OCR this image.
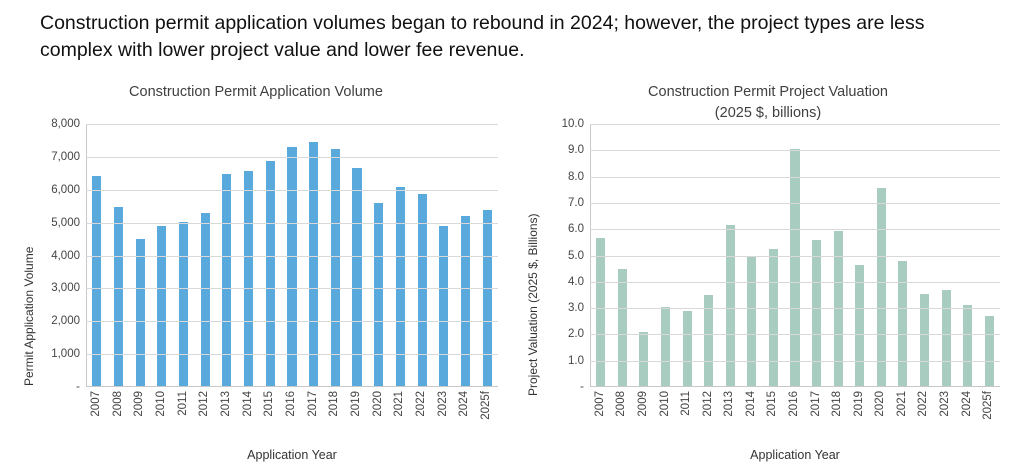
Construction permit application volumes began to rebound in 2024; however, the project types are less complex with lower project value and lower fee revenue.
Construction Permit Application Volume
Permit Application Volume
2007 2008 2009 2010 2011 2012 2013 2014 2015 2016 2017 2018 2019 2020 2021 2022 2023 2024 2025f
-
1,000
2,000
3,000
4,000
5,000
6,000
7,000
8,000
Application Year
Construction Permit Project Valuation
(2025 $, billions)
Project Valuation (2025 $, Billions)
2007 2008 2009 2010 2011 2012 2013 2014 2015 2016 2017 2018 2019 2020 2021 2022 2023 2024 2025f
-
1.0
2.0
3.0
4.0
5.0
6.0
7.0
8.0
9.0
10.0
Application Year
